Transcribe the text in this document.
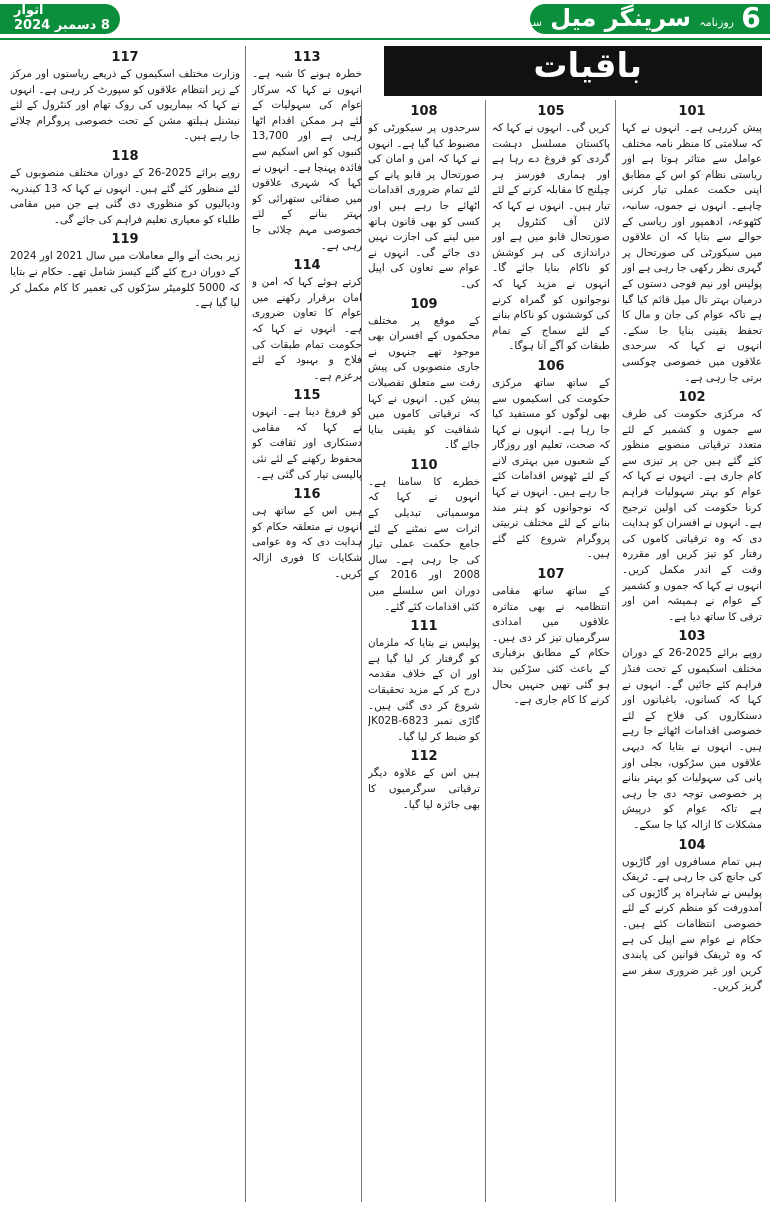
6
روزنامہ سرینگر میل سرینگر
اتوار
8 دسمبر 2024
باقیات
101
پیش کررہی ہے۔ انہوں نے کہا کہ سلامتی کا منظر نامہ مختلف عوامل سے متاثر ہوتا ہے اور ریاستی نظام کو اس کے مطابق اپنی حکمت عملی تیار کرنی چاہیے۔ انہوں نے جموں، سانبہ، کٹھوعہ، ادھمپور اور ریاسی کے حوالے سے بتایا کہ ان علاقوں میں سیکورٹی کی صورتحال پر گہری نظر رکھی جا رہی ہے اور پولیس اور نیم فوجی دستوں کے درمیان بہتر تال میل قائم کیا گیا ہے تاکہ عوام کی جان و مال کا تحفظ یقینی بنایا جا سکے۔ انہوں نے کہا کہ سرحدی علاقوں میں خصوصی چوکسی برتی جا رہی ہے۔
102
کہ مرکزی حکومت کی طرف سے جموں و کشمیر کے لئے متعدد ترقیاتی منصوبے منظور کئے گئے ہیں جن پر تیزی سے کام جاری ہے۔ انہوں نے کہا کہ عوام کو بہتر سہولیات فراہم کرنا حکومت کی اولین ترجیح ہے۔ انہوں نے افسران کو ہدایت دی کہ وہ ترقیاتی کاموں کی رفتار کو تیز کریں اور مقررہ وقت کے اندر مکمل کریں۔ انہوں نے کہا کہ جموں و کشمیر کے عوام نے ہمیشہ امن اور ترقی کا ساتھ دیا ہے۔
103
روپے برائے 2025-26 کے دوران مختلف اسکیموں کے تحت فنڈز فراہم کئے جائیں گے۔ انہوں نے کہا کہ کسانوں، باغبانوں اور دستکاروں کی فلاح کے لئے خصوصی اقدامات اٹھائے جا رہے ہیں۔ انہوں نے بتایا کہ دیہی علاقوں میں سڑکوں، بجلی اور پانی کی سہولیات کو بہتر بنانے پر خصوصی توجہ دی جا رہی ہے تاکہ عوام کو درپیش مشکلات کا ازالہ کیا جا سکے۔
104
ہیں تمام مسافروں اور گاڑیوں کی جانچ کی جا رہی ہے۔ ٹریفک پولیس نے شاہراہ پر گاڑیوں کی آمدورفت کو منظم کرنے کے لئے خصوصی انتظامات کئے ہیں۔ حکام نے عوام سے اپیل کی ہے کہ وہ ٹریفک قوانین کی پابندی کریں اور غیر ضروری سفر سے گریز کریں۔
105
کریں گی۔ انہوں نے کہا کہ پاکستان مسلسل دہشت گردی کو فروغ دے رہا ہے اور ہماری فورسز ہر چیلنج کا مقابلہ کرنے کے لئے تیار ہیں۔ انہوں نے کہا کہ لائن آف کنٹرول پر صورتحال قابو میں ہے اور دراندازی کی ہر کوشش کو ناکام بنایا جائے گا۔ انہوں نے مزید کہا کہ نوجوانوں کو گمراہ کرنے کی کوششوں کو ناکام بنانے کے لئے سماج کے تمام طبقات کو آگے آنا ہوگا۔
106
کے ساتھ ساتھ مرکزی حکومت کی اسکیموں سے بھی لوگوں کو مستفید کیا جا رہا ہے۔ انہوں نے کہا کہ صحت، تعلیم اور روزگار کے شعبوں میں بہتری لانے کے لئے ٹھوس اقدامات کئے جا رہے ہیں۔ انہوں نے کہا کہ نوجوانوں کو ہنر مند بنانے کے لئے مختلف تربیتی پروگرام شروع کئے گئے ہیں۔
107
کے ساتھ ساتھ مقامی انتظامیہ نے بھی متاثرہ علاقوں میں امدادی سرگرمیاں تیز کر دی ہیں۔ حکام کے مطابق برفباری کے باعث کئی سڑکیں بند ہو گئی تھیں جنہیں بحال کرنے کا کام جاری ہے۔
108
سرحدوں پر سیکورٹی کو مضبوط کیا گیا ہے۔ انہوں نے کہا کہ امن و امان کی صورتحال پر قابو پانے کے لئے تمام ضروری اقدامات اٹھائے جا رہے ہیں اور کسی کو بھی قانون ہاتھ میں لینے کی اجازت نہیں دی جائے گی۔ انہوں نے عوام سے تعاون کی اپیل کی۔
109
کے موقع پر مختلف محکموں کے افسران بھی موجود تھے جنہوں نے جاری منصوبوں کی پیش رفت سے متعلق تفصیلات پیش کیں۔ انہوں نے کہا کہ ترقیاتی کاموں میں شفافیت کو یقینی بنایا جائے گا۔
110
خطرے کا سامنا ہے۔ انہوں نے کہا کہ موسمیاتی تبدیلی کے اثرات سے نمٹنے کے لئے جامع حکمت عملی تیار کی جا رہی ہے۔ سال 2008 اور 2016 کے دوران اس سلسلے میں کئی اقدامات کئے گئے۔
111
پولیس نے بتایا کہ ملزمان کو گرفتار کر لیا گیا ہے اور ان کے خلاف مقدمہ درج کر کے مزید تحقیقات شروع کر دی گئی ہیں۔ گاڑی نمبر JK02B-6823 کو ضبط کر لیا گیا۔
112
ہیں اس کے علاوہ دیگر ترقیاتی سرگرمیوں کا بھی جائزہ لیا گیا۔
113
خطرہ ہونے کا شبہ ہے۔ انہوں نے کہا کہ سرکار عوام کی سہولیات کے لئے ہر ممکن اقدام اٹھا رہی ہے اور 13,700 کنبوں کو اس اسکیم سے فائدہ پہنچا ہے۔ انہوں نے کہا کہ شہری علاقوں میں صفائی ستھرائی کو بہتر بنانے کے لئے خصوصی مہم چلائی جا رہی ہے۔
114
کرتے ہوئے کہا کہ امن و امان برقرار رکھنے میں عوام کا تعاون ضروری ہے۔ انہوں نے کہا کہ حکومت تمام طبقات کی فلاح و بہبود کے لئے پرعزم ہے۔
115
کو فروغ دینا ہے۔ انہوں نے کہا کہ مقامی دستکاری اور ثقافت کو محفوظ رکھنے کے لئے نئی پالیسی تیار کی گئی ہے۔
116
ہیں اس کے ساتھ ہی انہوں نے متعلقہ حکام کو ہدایت دی کہ وہ عوامی شکایات کا فوری ازالہ کریں۔
117
وزارت مختلف اسکیموں کے ذریعے ریاستوں اور مرکز کے زیر انتظام علاقوں کو سپورٹ کر رہی ہے۔ انہوں نے کہا کہ بیماریوں کی روک تھام اور کنٹرول کے لئے نیشنل ہیلتھ مشن کے تحت خصوصی پروگرام چلائے جا رہے ہیں۔
118
روپے برائے 2025-26 کے دوران مختلف منصوبوں کے لئے منظور کئے گئے ہیں۔ انہوں نے کہا کہ 13 کیندریہ ودیالیوں کو منظوری دی گئی ہے جن میں مقامی طلباء کو معیاری تعلیم فراہم کی جائے گی۔
119
زیر بحث آنے والے معاملات میں سال 2021 اور 2024 کے دوران درج کئے گئے کیسز شامل تھے۔ حکام نے بتایا کہ 5000 کلومیٹر سڑکوں کی تعمیر کا کام مکمل کر لیا گیا ہے۔
